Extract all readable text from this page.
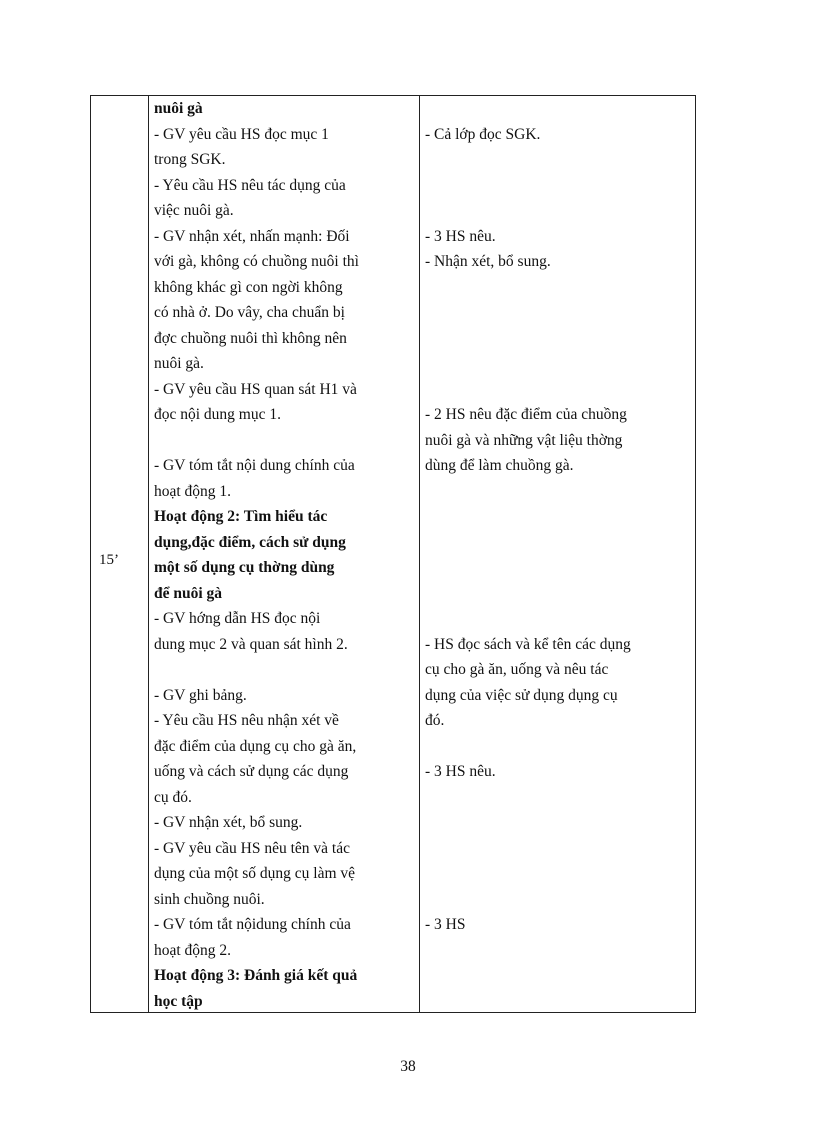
15’
nuôi gà
- GV yêu cầu HS đọc mục 1
trong SGK.
- Yêu cầu HS nêu tác dụng của
việc nuôi gà.
- GV nhận xét, nhấn mạnh: Đối
với gà, không có chuồng nuôi thì
không khác gì con ngời không
có nhà ở. Do vây, cha chuẩn bị
đợc chuồng nuôi thì không nên
nuôi gà.
- GV yêu cầu HS quan sát H1 và
đọc nội dung mục 1.
- GV tóm tắt nội dung chính của
hoạt động 1.
Hoạt động 2: Tìm hiểu tác
dụng,đặc điểm, cách sử dụng
một số dụng cụ thờng dùng
để nuôi gà
- GV hớng dẫn HS đọc nội
dung mục 2 và quan sát hình 2.
- GV ghi bảng.
- Yêu cầu HS nêu nhận xét về
đặc điểm của dụng cụ cho gà ăn,
uống và cách sử dụng các dụng
cụ đó.
- GV nhận xét, bổ sung.
- GV yêu cầu HS nêu tên và tác
dụng của một số dụng cụ làm vệ
sinh chuồng nuôi.
- GV tóm tắt nộidung chính của
hoạt động 2.
Hoạt động 3: Đánh giá kết quả
học tập
- Cả lớp đọc SGK.
- 3 HS nêu.
- Nhận xét, bổ sung.
- 2 HS nêu đặc điểm của chuồng
nuôi gà và những vật liệu thờng
dùng để làm chuồng gà.
- HS đọc sách và kể tên các dụng
cụ cho gà ăn, uống và nêu tác
dụng của việc sử dụng dụng cụ
đó.
- 3 HS nêu.
- 3 HS
38
